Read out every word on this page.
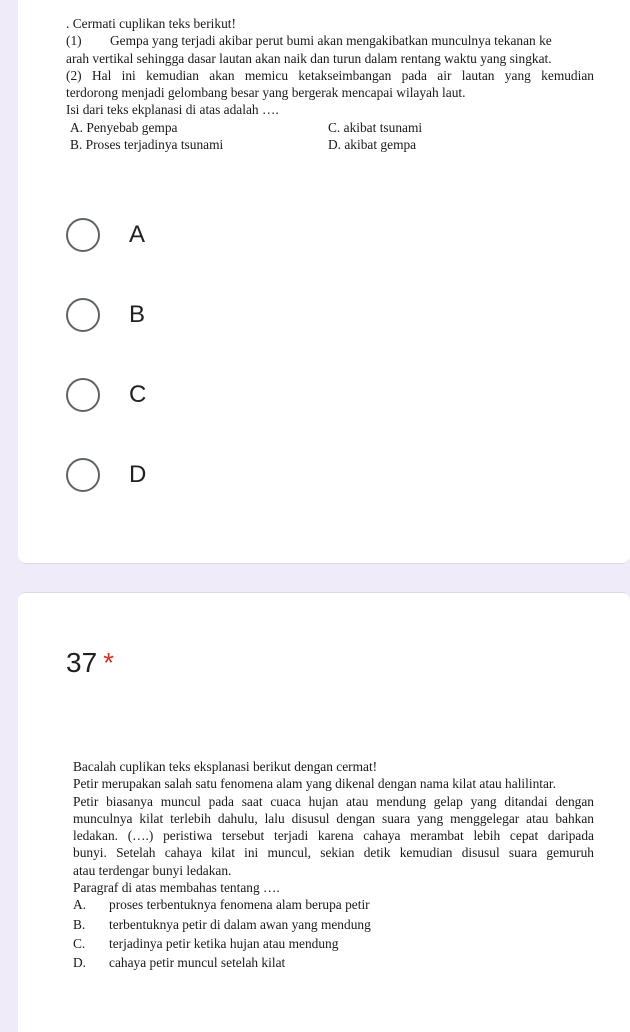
. Cermati cuplikan teks berikut!
(1) Gempa yang terjadi akibar perut bumi akan mengakibatkan munculnya tekanan ke
arah vertikal sehingga dasar lautan akan naik dan turun dalam rentang waktu yang singkat.
(2) Hal ini kemudian akan memicu ketakseimbangan pada air lautan yang kemudian
terdorong menjadi gelombang besar yang bergerak mencapai wilayah laut.
Isi dari teks ekplanasi di atas adalah ….
A. Penyebab gempa	C. akibat tsunami
B. Proses terjadinya tsunami	D. akibat gempa
A
B
C
D
37 *
Bacalah cuplikan teks eksplanasi berikut dengan cermat!
Petir merupakan salah satu fenomena alam yang dikenal dengan nama kilat atau halilintar.
Petir biasanya muncul pada saat cuaca hujan atau mendung gelap yang ditandai dengan
munculnya kilat terlebih dahulu, lalu disusul dengan suara yang menggelegar atau bahkan
ledakan. (….) peristiwa tersebut terjadi karena cahaya merambat lebih cepat daripada
bunyi. Setelah cahaya kilat ini muncul, sekian detik kemudian disusul suara gemuruh
atau terdengar bunyi ledakan.
Paragraf di atas membahas tentang ….
A. proses terbentuknya fenomena alam berupa petir
B. terbentuknya petir di dalam awan yang mendung
C. terjadinya petir ketika hujan atau mendung
D. cahaya petir muncul setelah kilat
